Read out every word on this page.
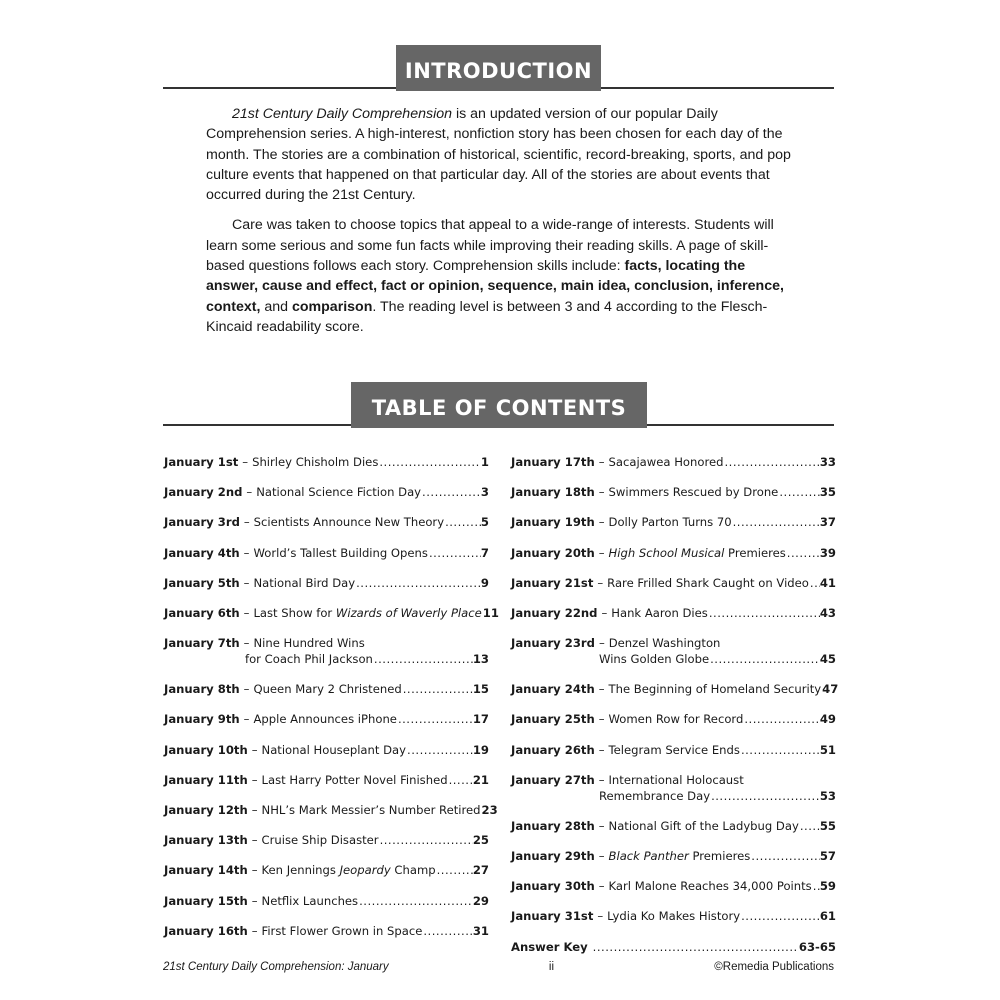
INTRODUCTION

21st Century Daily Comprehension is an updated version of our popular Daily Comprehension series. A high-interest, nonfiction story has been chosen for each day of the month. The stories are a combination of historical, scientific, record-breaking, sports, and pop culture events that happened on that particular day. All of the stories are about events that occurred during the 21st Century.

Care was taken to choose topics that appeal to a wide-range of interests. Students will learn some serious and some fun facts while improving their reading skills. A page of skill-based questions follows each story. Comprehension skills include: facts, locating the answer, cause and effect, fact or opinion, sequence, main idea, conclusion, inference, context, and comparison. The reading level is between 3 and 4 according to the Flesch-Kincaid readability score.

TABLE OF CONTENTS
January 1st – Shirley Chisholm Dies .....	1
January 2nd – National Science Fiction Day .....	3
January 3rd – Scientists Announce New Theory .....	5
January 4th – World’s Tallest Building Opens .....	7
January 5th – National Bird Day .....	9
January 6th – Last Show for Wizards of Waverly Place 11
January 7th – Nine Hundred Wins
for Coach Phil Jackson .....	13
January 8th – Queen Mary 2 Christened .....	15
January 9th – Apple Announces iPhone .....	17
January 10th – National Houseplant Day .....	19
January 11th – Last Harry Potter Novel Finished ..... 21
January 12th – NHL’s Mark Messier’s Number Retired 23
January 13th – Cruise Ship Disaster .....	25
January 14th – Ken Jennings Jeopardy Champ .....	27
January 15th – Netflix Launches .....	29
January 16th – First Flower Grown in Space .....	31
January 17th – Sacajawea Honored .....	33
January 18th – Swimmers Rescued by Drone .....	35
January 19th – Dolly Parton Turns 70 .....	37
January 20th – High School Musical Premieres .....	39
January 21st – Rare Frilled Shark Caught on Video ..... 41
January 22nd – Hank Aaron Dies .....	43
January 23rd – Denzel Washington
Wins Golden Globe .....	45
January 24th – The Beginning of Homeland Security 47
January 25th – Women Row for Record .....	49
January 26th – Telegram Service Ends .....	51
January 27th – International Holocaust
Remembrance Day .....	53
January 28th – National Gift of the Ladybug Day ..... 55
January 29th – Black Panther Premieres .....	57
January 30th – Karl Malone Reaches 34,000 Points ..... 59
January 31st – Lydia Ko Makes History .....	61
Answer Key .....	63-65
21st Century Daily Comprehension: January	ii	©Remedia Publications
